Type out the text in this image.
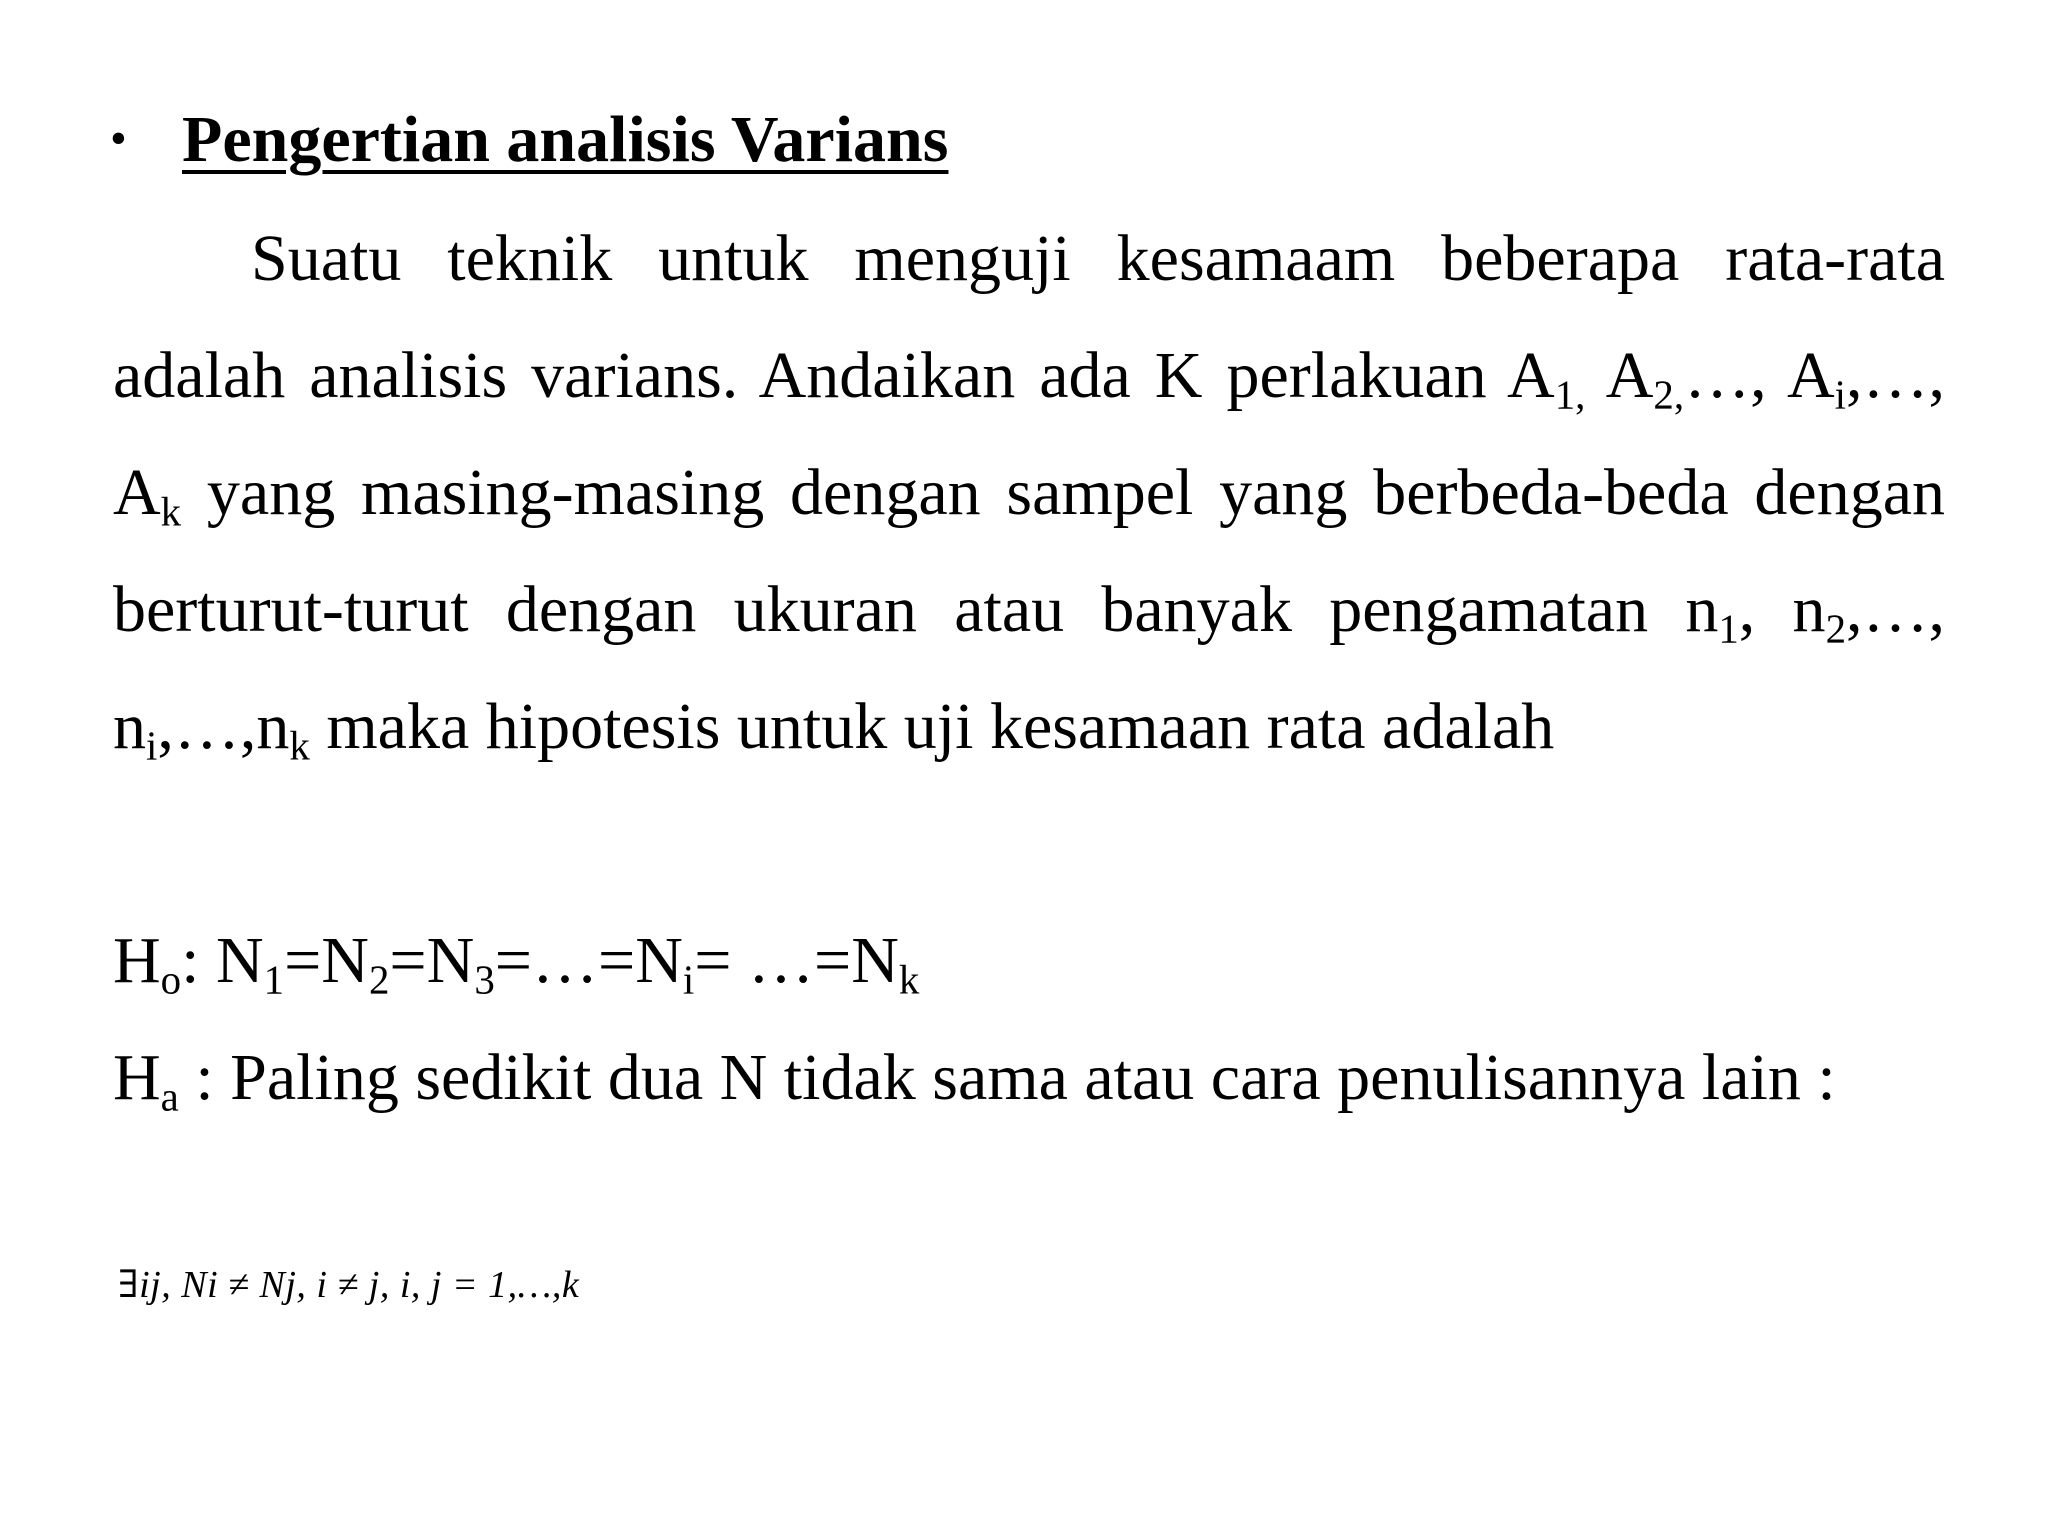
• Pengertian analisis Varians
Suatu teknik untuk menguji kesamaam beberapa rata-rata adalah analisis varians. Andaikan ada K perlakuan $A_{1,}$ $A_{2,}\dots$, $A_i,\dots$, $A_k$ yang masing-masing dengan sampel yang berbeda-beda dengan berturut-turut dengan ukuran atau banyak pengamatan $n_1$, $n_2,\dots$, $n_i,\dots,n_k$ maka hipotesis untuk uji kesamaan rata adalah
$H_o$: $N_1=N_2=N_3=\dots=N_i=$ $\dots=N_k$
$H_a$ : Paling sedikit dua N tidak sama atau cara penulisannya lain :
∃ij, Ni ≠ Nj, i ≠ j, i, j = 1,…,k
